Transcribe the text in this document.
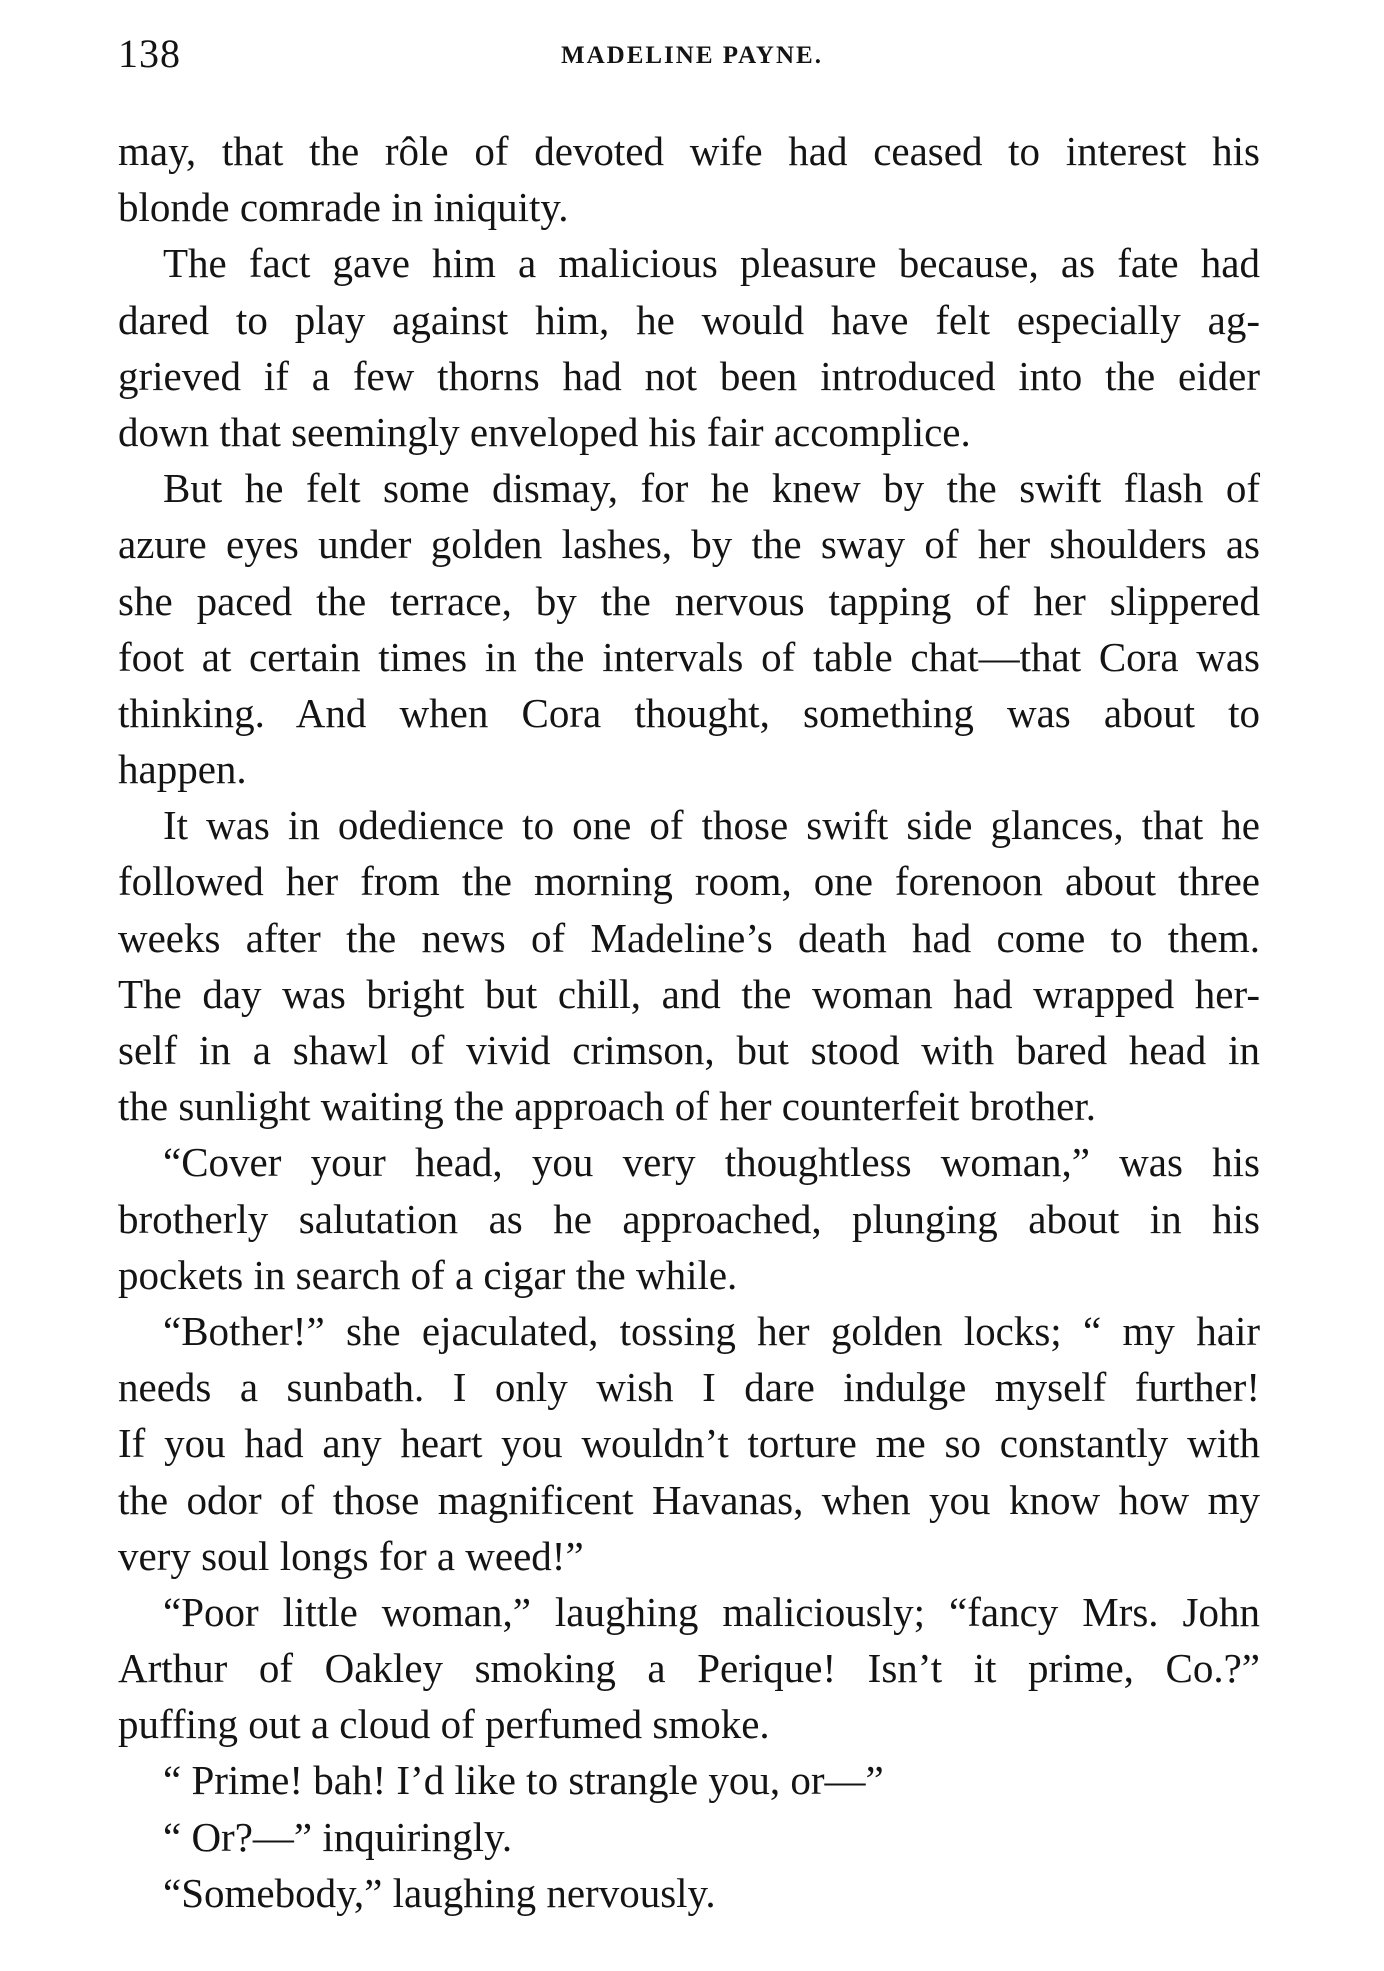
138	MADELINE PAYNE.

may, that the rôle of devoted wife had ceased to interest his
blonde comrade in iniquity.

The fact gave him a malicious pleasure because, as fate had
dared to play against him, he would have felt especially ag-
grieved if a few thorns had not been introduced into the eider
down that seemingly enveloped his fair accomplice.

But he felt some dismay, for he knew by the swift flash of
azure eyes under golden lashes, by the sway of her shoulders as
she paced the terrace, by the nervous tapping of her slippered
foot at certain times in the intervals of table chat—that Cora was
thinking. And when Cora thought, something was about to
happen.

It was in odedience to one of those swift side glances, that he
followed her from the morning room, one forenoon about three
weeks after the news of Madeline’s death had come to them.
The day was bright but chill, and the woman had wrapped her-
self in a shawl of vivid crimson, but stood with bared head in
the sunlight waiting the approach of her counterfeit brother.

“Cover your head, you very thoughtless woman,” was his
brotherly salutation as he approached, plunging about in his
pockets in search of a cigar the while.

“Bother!” she ejaculated, tossing her golden locks; “ my hair
needs a sunbath. I only wish I dare indulge myself further!
If you had any heart you wouldn’t torture me so constantly with
the odor of those magnificent Havanas, when you know how my
very soul longs for a weed!”

“Poor little woman,” laughing maliciously; “fancy Mrs. John
Arthur of Oakley smoking a Perique! Isn’t it prime, Co.?”
puffing out a cloud of perfumed smoke.

“ Prime! bah! I’d like to strangle you, or—”

“ Or?—” inquiringly.

“Somebody,” laughing nervously.
